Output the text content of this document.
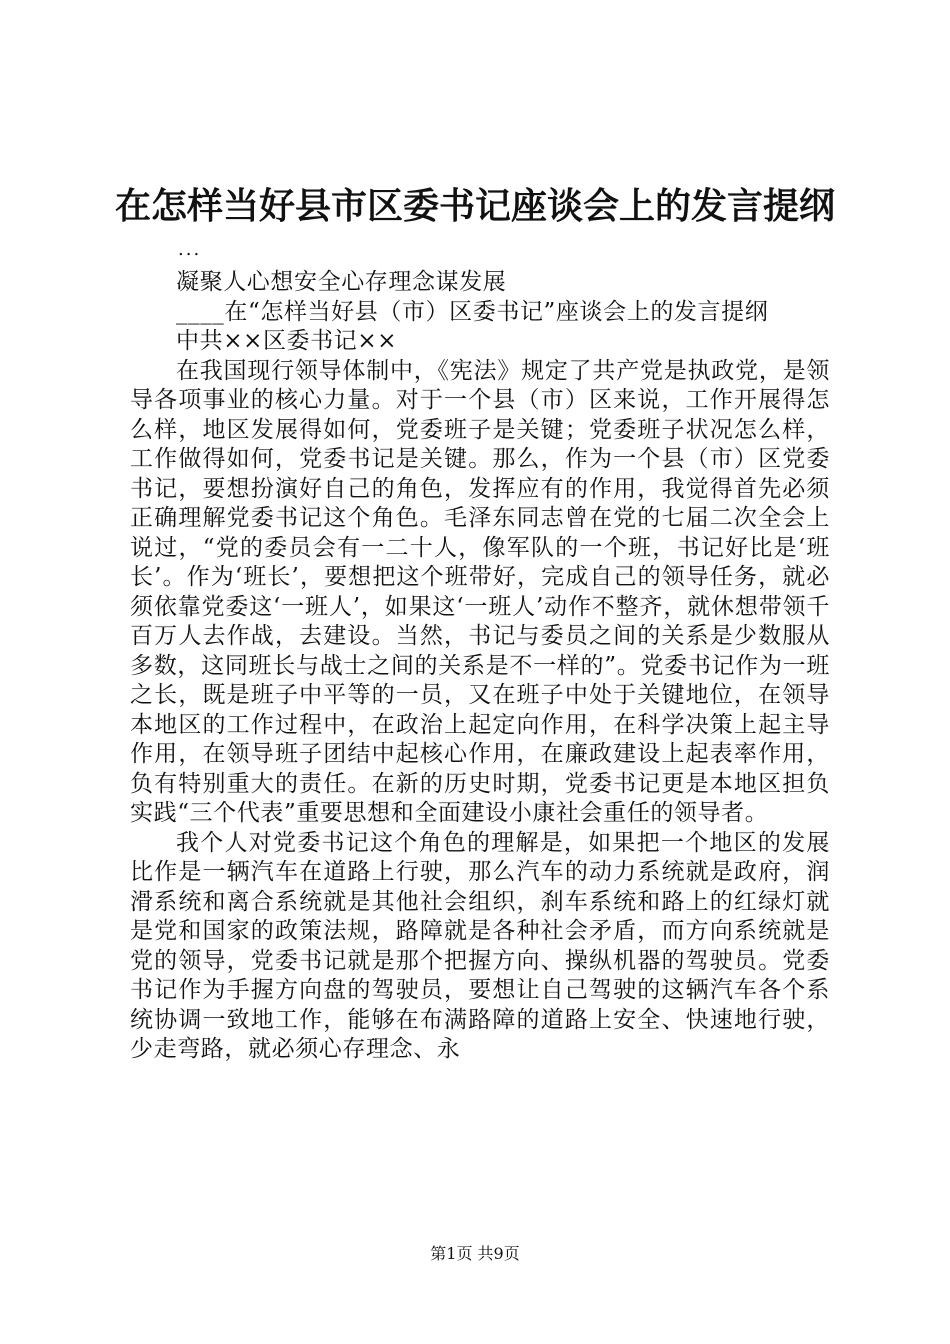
在怎样当好县市区委书记座谈会上的发言提纲
...

凝聚人心想安全心存理念谋发展

____在“怎样当好县（市）区委书记”座谈会上的发言提纲

中共××区委书记××

在我国现行领导体制中，《宪法》规定了共产党是执政党，是领导各项事业的核心力量。对于一个县（市）区来说，工作开展得怎么样，地区发展得如何，党委班子是关键；党委班子状况怎么样，工作做得如何，党委书记是关键。那么，作为一个县（市）区党委书记，要想扮演好自己的角色，发挥应有的作用，我觉得首先必须正确理解党委书记这个角色。毛泽东同志曾在党的七届二次全会上说过，“党的委员会有一二十人，像军队的一个班，书记好比是‘班长’。作为‘班长’，要想把这个班带好，完成自己的领导任务，就必须依靠党委这‘一班人’，如果这‘一班人’动作不整齐，就休想带领千百万人去作战，去建设。当然，书记与委员之间的关系是少数服从多数，这同班长与战士之间的关系是不一样的”。党委书记作为一班之长，既是班子中平等的一员，又在班子中处于关键地位，在领导本地区的工作过程中，在政治上起定向作用，在科学决策上起主导作用，在领导班子团结中起核心作用，在廉政建设上起表率作用，负有特别重大的责任。在新的历史时期，党委书记更是本地区担负实践“三个代表”重要思想和全面建设小康社会重任的领导者。

我个人对党委书记这个角色的理解是，如果把一个地区的发展比作是一辆汽车在道路上行驶，那么汽车的动力系统就是政府，润滑系统和离合系统就是其他社会组织，刹车系统和路上的红绿灯就是党和国家的政策法规，路障就是各种社会矛盾，而方向系统就是党的领导，党委书记就是那个把握方向、操纵机器的驾驶员。党委书记作为手握方向盘的驾驶员，要想让自己驾驶的这辆汽车各个系统协调一致地工作，能够在布满路障的道路上安全、快速地行驶，少走弯路，就必须心存理念、永

第1页 共9页
